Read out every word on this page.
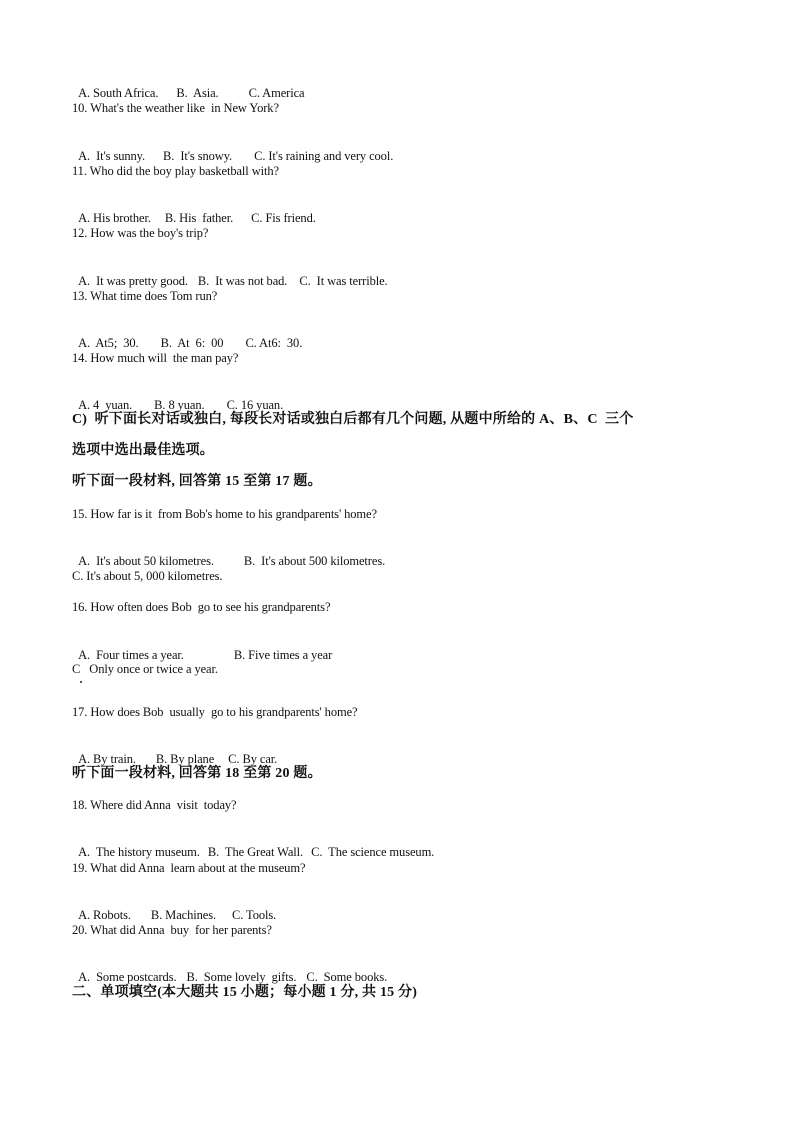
A. South Africa. B.  Asia. C. America

10. What's the weather like  in New York?

A.  It's sunny. B.  It's snowy. C. It's raining and very cool.

11. Who did the boy play basketball with?

A. His brother. B. His  father. C. Fis friend.

12. How was the boy's trip?

A.  It was pretty good. B.  It was not bad. C.  It was terrible.

13. What time does Tom run?

A.  At5;  30. B.  At  6:  00 C. At6:  30.

14. How much will  the man pay?

A. 4  yuan. B. 8 yuan. C. 16 yuan.

C)  听下面长对话或独白, 每段长对话或独白后都有几个问题, 从题中所给的 A、B、C  三个
选项中选出最佳选项。
听下面一段材料, 回答第 15 至第 17 题。
15. How far is it  from Bob's home to his grandparents' home?

A.  It's about 50 kilometres. B.  It's about 500 kilometres.

C. It's about 5, 000 kilometres.
16. How often does Bob  go to see his grandparents?

A.  Four times a year.	B. Five times a year

C   Only once or twice a year.
17. How does Bob  usually  go to his grandparents' home?

A. By train. B. By plane C. By car.

听下面一段材料, 回答第 18 至第 20 题。
18. Where did Anna  visit  today?

A.  The history museum. B.  The Great Wall. C.  The science museum.

19. What did Anna  learn about at the museum?

A. Robots. B. Machines. C. Tools.

20. What did Anna  buy  for her parents?

A.  Some postcards. B.  Some lovely  gifts. C.  Some books.

二、单项填空(本大题共 15 小题；每小题 1 分, 共 15 分)
